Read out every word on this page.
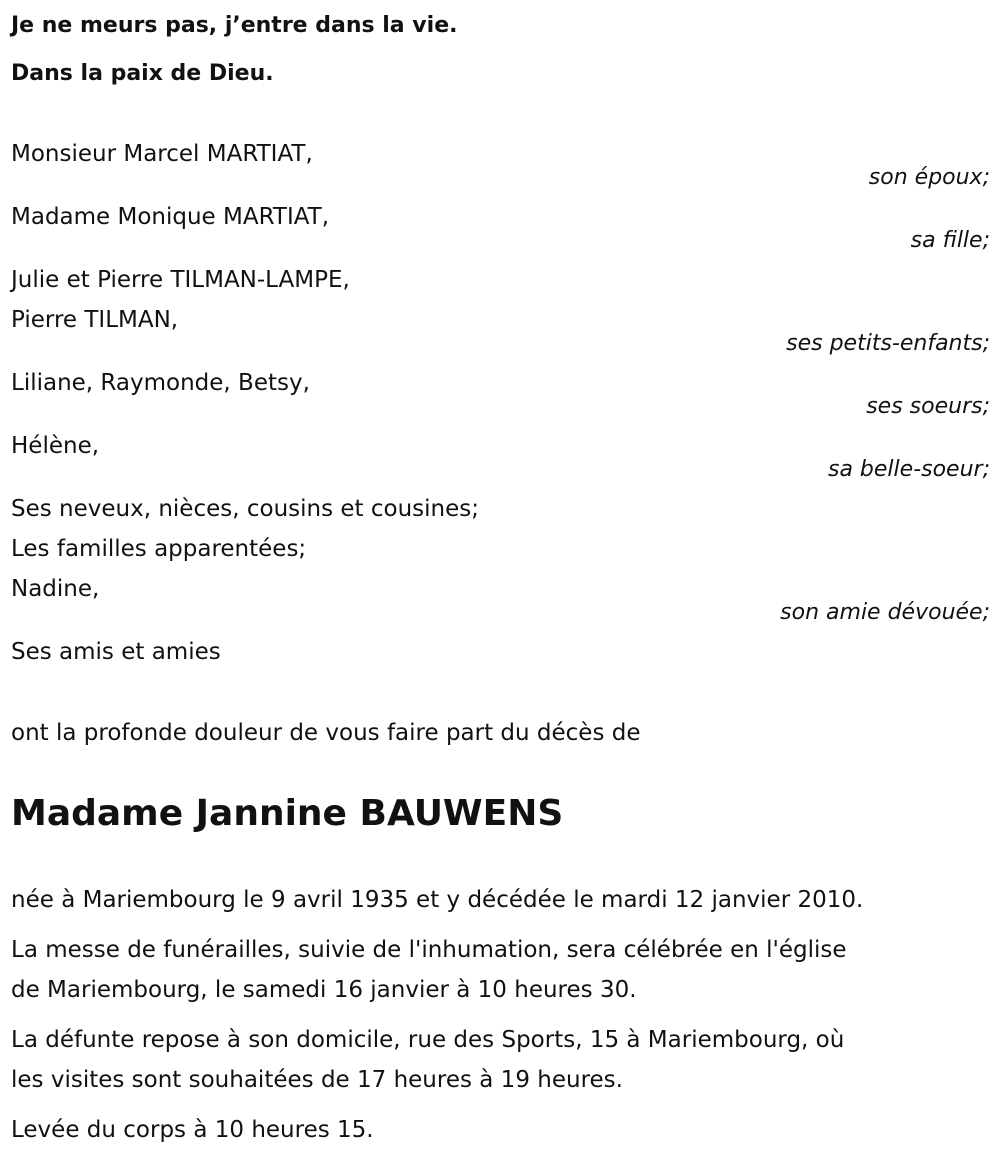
Je ne meurs pas, j’entre dans la vie.
Dans la paix de Dieu.
Monsieur Marcel MARTIAT,
son époux;
Madame Monique MARTIAT,
sa fille;
Julie et Pierre TILMAN-LAMPE,
Pierre TILMAN,
ses petits-enfants;
Liliane, Raymonde, Betsy,
ses soeurs;
Hélène,
sa belle-soeur;
Ses neveux, nièces, cousins et cousines;
Les familles apparentées;
Nadine,
son amie dévouée;
Ses amis et amies
ont la profonde douleur de vous faire part du décès de
Madame Jannine BAUWENS
née à Mariembourg le 9 avril 1935 et y décédée le mardi 12 janvier 2010.
La messe de funérailles, suivie de l'inhumation, sera célébrée en l'église
de Mariembourg, le samedi 16 janvier à 10 heures 30.
La défunte repose à son domicile, rue des Sports, 15 à Mariembourg, où
les visites sont souhaitées de 17 heures à 19 heures.
Levée du corps à 10 heures 15.
